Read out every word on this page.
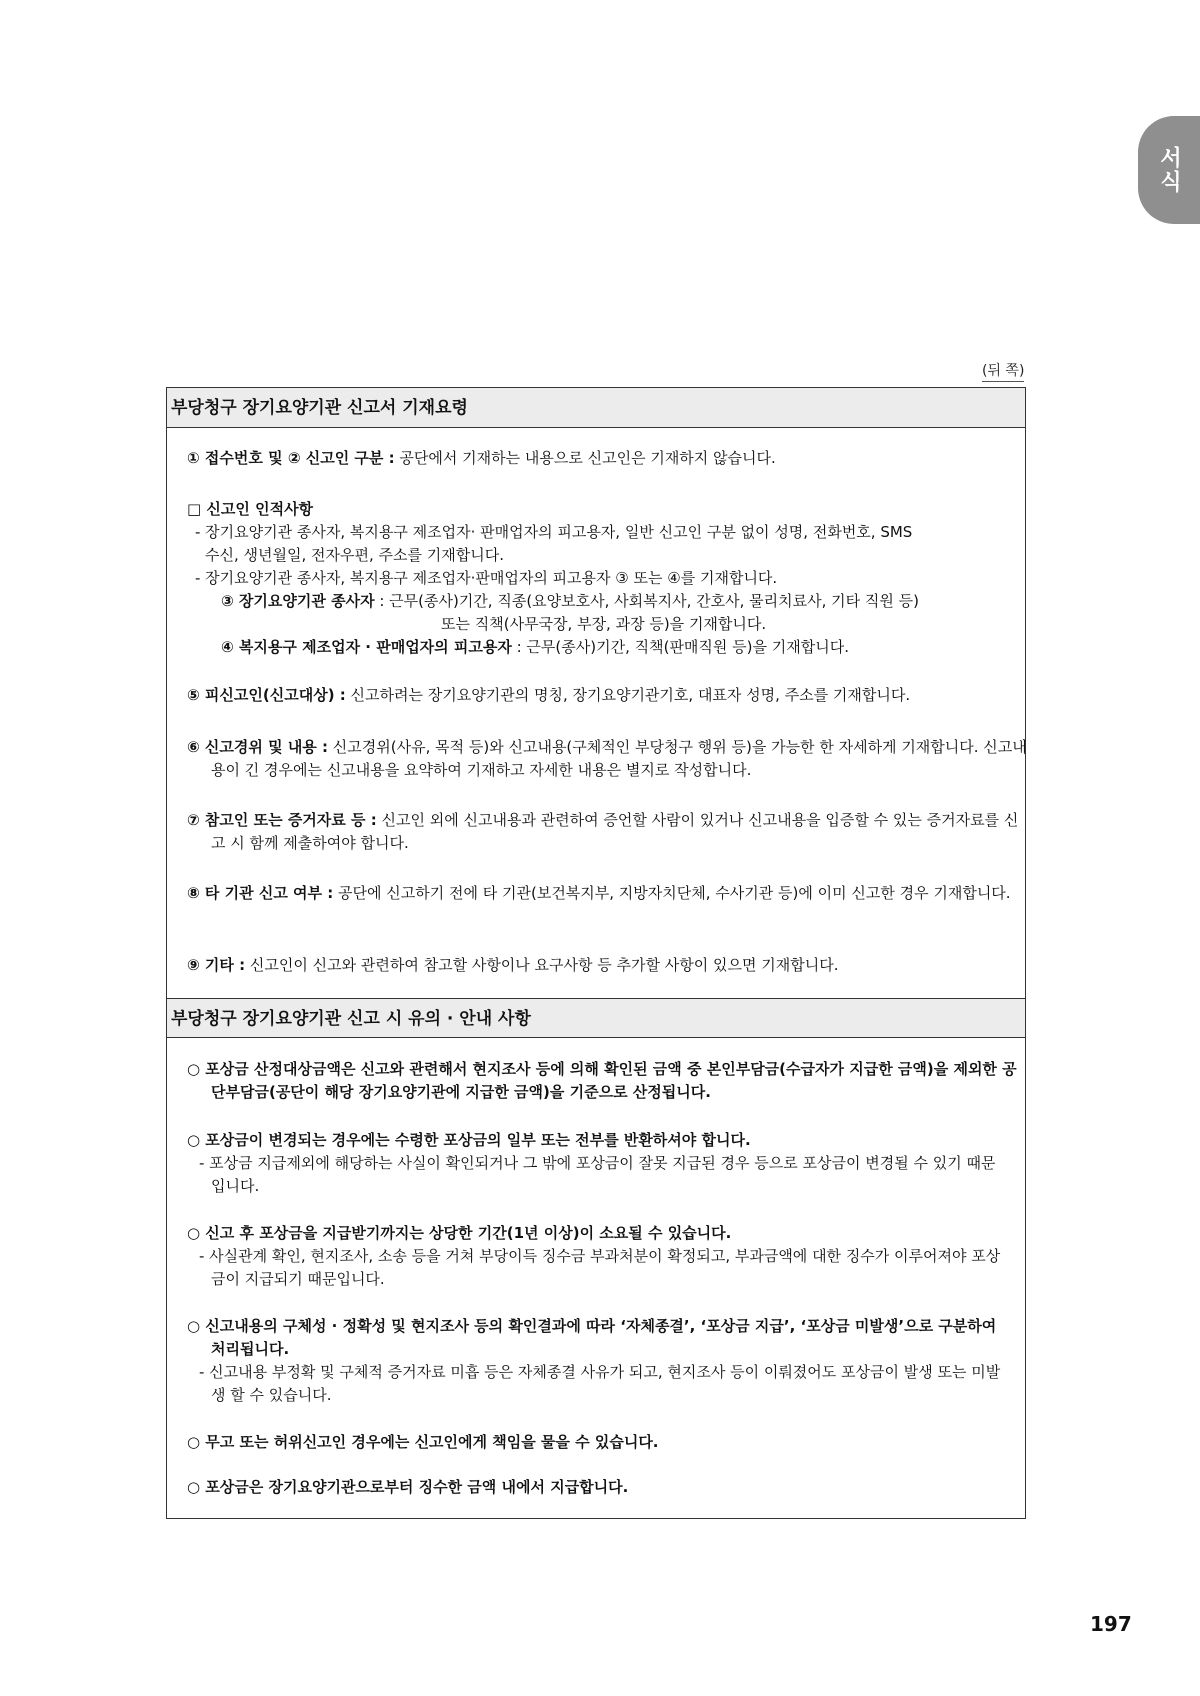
서식
(뒤 쪽)
부당청구 장기요양기관 신고서 기재요령
① 접수번호 및 ② 신고인 구분 : 공단에서 기재하는 내용으로 신고인은 기재하지 않습니다.
□ 신고인 인적사항
- 장기요양기관 종사자, 복지용구 제조업자· 판매업자의 피고용자, 일반 신고인 구분 없이 성명, 전화번호, SMS
수신, 생년월일, 전자우편, 주소를 기재합니다.
- 장기요양기관 종사자, 복지용구 제조업자·판매업자의 피고용자 ③ 또는 ④를 기재합니다.
③ 장기요양기관 종사자 : 근무(종사)기간, 직종(요양보호사, 사회복지사, 간호사, 물리치료사, 기타 직원 등)
또는 직책(사무국장, 부장, 과장 등)을 기재합니다.
④ 복지용구 제조업자 · 판매업자의 피고용자 : 근무(종사)기간, 직책(판매직원 등)을 기재합니다.
⑤ 피신고인(신고대상) : 신고하려는 장기요양기관의 명칭, 장기요양기관기호, 대표자 성명, 주소를 기재합니다.
⑥ 신고경위 및 내용 : 신고경위(사유, 목적 등)와 신고내용(구체적인 부당청구 행위 등)을 가능한 한 자세하게 기재합니다. 신고내용이 긴 경우에는 신고내용을 요약하여 기재하고 자세한 내용은 별지로 작성합니다.
⑦ 참고인 또는 증거자료 등 : 신고인 외에 신고내용과 관련하여 증언할 사람이 있거나 신고내용을 입증할 수 있는 증거자료를 신고 시 함께 제출하여야 합니다.
⑧ 타 기관 신고 여부 : 공단에 신고하기 전에 타 기관(보건복지부, 지방자치단체, 수사기관 등)에 이미 신고한 경우 기재합니다.
⑨ 기타 : 신고인이 신고와 관련하여 참고할 사항이나 요구사항 등 추가할 사항이 있으면 기재합니다.
부당청구 장기요양기관 신고 시 유의 · 안내 사항
○ 포상금 산정대상금액은 신고와 관련해서 현지조사 등에 의해 확인된 금액 중 본인부담금(수급자가 지급한 금액)을 제외한 공단부담금(공단이 해당 장기요양기관에 지급한 금액)을 기준으로 산정됩니다.
○ 포상금이 변경되는 경우에는 수령한 포상금의 일부 또는 전부를 반환하셔야 합니다.
- 포상금 지급제외에 해당하는 사실이 확인되거나 그 밖에 포상금이 잘못 지급된 경우 등으로 포상금이 변경될 수 있기 때문입니다.
○ 신고 후 포상금을 지급받기까지는 상당한 기간(1년 이상)이 소요될 수 있습니다.
- 사실관계 확인, 현지조사, 소송 등을 거쳐 부당이득 징수금 부과처분이 확정되고, 부과금액에 대한 징수가 이루어져야 포상금이 지급되기 때문입니다.
○ 신고내용의 구체성 · 정확성 및 현지조사 등의 확인결과에 따라 ‘자체종결’, ‘포상금 지급’, ‘포상금 미발생’으로 구분하여 처리됩니다.
- 신고내용 부정확 및 구체적 증거자료 미흡 등은 자체종결 사유가 되고, 현지조사 등이 이뤄졌어도 포상금이 발생 또는 미발생 할 수 있습니다.
○ 무고 또는 허위신고인 경우에는 신고인에게 책임을 물을 수 있습니다.
○ 포상금은 장기요양기관으로부터 징수한 금액 내에서 지급합니다.
197
